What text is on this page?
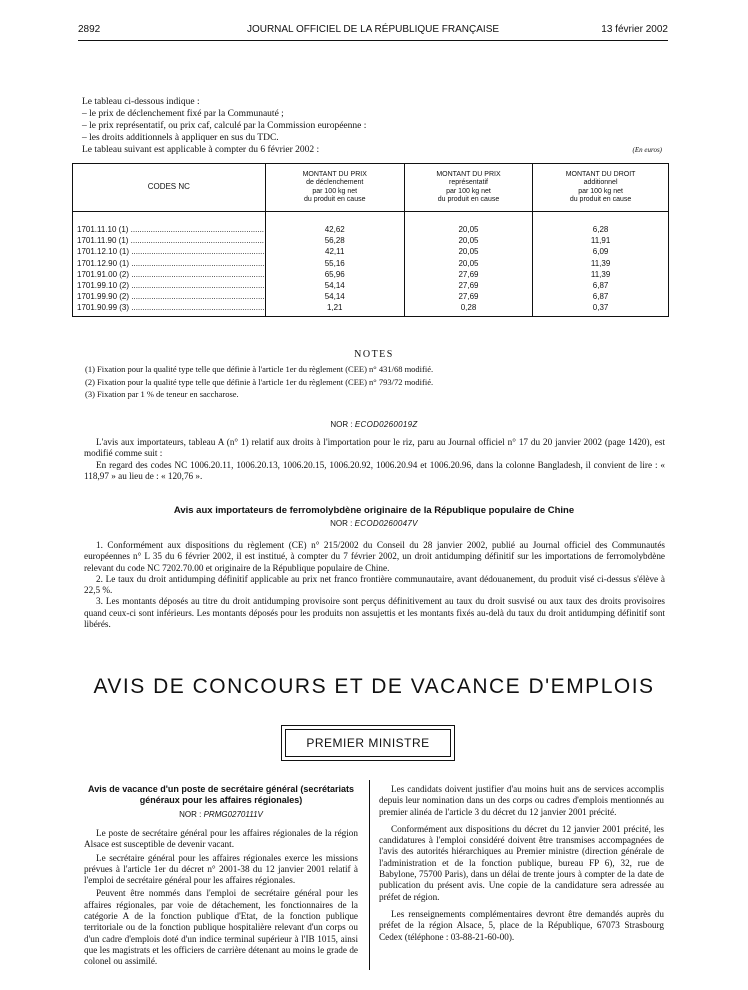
2892	JOURNAL OFFICIEL DE LA RÉPUBLIQUE FRANÇAISE	13 février 2002
Le tableau ci-dessous indique :
– le prix de déclenchement fixé par la Communauté ;
– le prix représentatif, ou prix caf, calculé par la Commission européenne :
– les droits additionnels à appliquer en sus du TDC.
Le tableau suivant est applicable à compter du 6 février 2002 :	(En euros)
CODES NC	MONTANT DU PRIX
de déclenchement
par 100 kg net
du produit en cause	MONTANT DU PRIX
représentatif
par 100 kg net
du produit en cause	MONTANT DU DROIT
additionnel
par 100 kg net
du produit en cause

1701.11.10 (1) ............................................................	42,62	20,05	6,28
1701.11.90 (1) ............................................................	56,28	20,05	11,91
1701.12.10 (1) ............................................................	42,11	20,05	6,09
1701.12.90 (1) ............................................................	55,16	20,05	11,39
1701.91.00 (2) ............................................................	65,96	27,69	11,39
1701.99.10 (2) ............................................................	54,14	27,69	6,87
1701.99.90 (2) ............................................................	54,14	27,69	6,87
1701.90.99 (3) ............................................................	1,21	0,28	0,37
NOTES
(1) Fixation pour la qualité type telle que définie à l'article 1er du règlement (CEE) n° 431/68 modifié.
(2) Fixation pour la qualité type telle que définie à l'article 1er du règlement (CEE) n° 793/72 modifié.
(3) Fixation par 1 % de teneur en saccharose.
NOR : ECOD0260019Z

L'avis aux importateurs, tableau A (n° 1) relatif aux droits à l'importation pour le riz, paru au Journal officiel n° 17 du 20 janvier 2002 (page 1420), est modifié comme suit :

En regard des codes NC 1006.20.11, 1006.20.13, 1006.20.15, 1006.20.92, 1006.20.94 et 1006.20.96, dans la colonne Bangladesh, il convient de lire : « 118,97 » au lieu de : « 120,76 ».

Avis aux importateurs de ferromolybdène originaire de la République populaire de Chine
NOR : ECOD0260047V

1. Conformément aux dispositions du règlement (CE) n° 215/2002 du Conseil du 28 janvier 2002, publié au Journal officiel des Communautés européennes n° L 35 du 6 février 2002, il est institué, à compter du 7 février 2002, un droit antidumping définitif sur les importations de ferromolybdène relevant du code NC 7202.70.00 et originaire de la République populaire de Chine.

2. Le taux du droit antidumping définitif applicable au prix net franco frontière communautaire, avant dédouanement, du produit visé ci-dessus s'élève à 22,5 %.

3. Les montants déposés au titre du droit antidumping provisoire sont perçus définitivement au taux du droit susvisé ou aux taux des droits provisoires quand ceux-ci sont inférieurs. Les montants déposés pour les produits non assujettis et les montants fixés au-delà du taux du droit antidumping définitif sont libérés.

AVIS DE CONCOURS ET DE VACANCE D'EMPLOIS
PREMIER MINISTRE
Avis de vacance d'un poste de secrétaire général (secrétariats généraux pour les affaires régionales)
NOR : PRMG0270111V

Le poste de secrétaire général pour les affaires régionales de la région Alsace est susceptible de devenir vacant.

Le secrétaire général pour les affaires régionales exerce les missions prévues à l'article 1er du décret n° 2001-38 du 12 janvier 2001 relatif à l'emploi de secrétaire général pour les affaires régionales.

Peuvent être nommés dans l'emploi de secrétaire général pour les affaires régionales, par voie de détachement, les fonctionnaires de la catégorie A de la fonction publique d'Etat, de la fonction publique territoriale ou de la fonction publique hospitalière relevant d'un corps ou d'un cadre d'emplois doté d'un indice terminal supérieur à l'IB 1015, ainsi que les magistrats et les officiers de carrière détenant au moins le grade de colonel ou assimilé.

Les candidats doivent justifier d'au moins huit ans de services accomplis depuis leur nomination dans un des corps ou cadres d'emplois mentionnés au premier alinéa de l'article 3 du décret du 12 janvier 2001 précité.

Conformément aux dispositions du décret du 12 janvier 2001 précité, les candidatures à l'emploi considéré doivent être transmises accompagnées de l'avis des autorités hiérarchiques au Premier ministre (direction générale de l'administration et de la fonction publique, bureau FP 6), 32, rue de Babylone, 75700 Paris), dans un délai de trente jours à compter de la date de publication du présent avis. Une copie de la candidature sera adressée au préfet de région.

Les renseignements complémentaires devront être demandés auprès du préfet de la région Alsace, 5, place de la République, 67073 Strasbourg Cedex (téléphone : 03-88-21-60-00).
